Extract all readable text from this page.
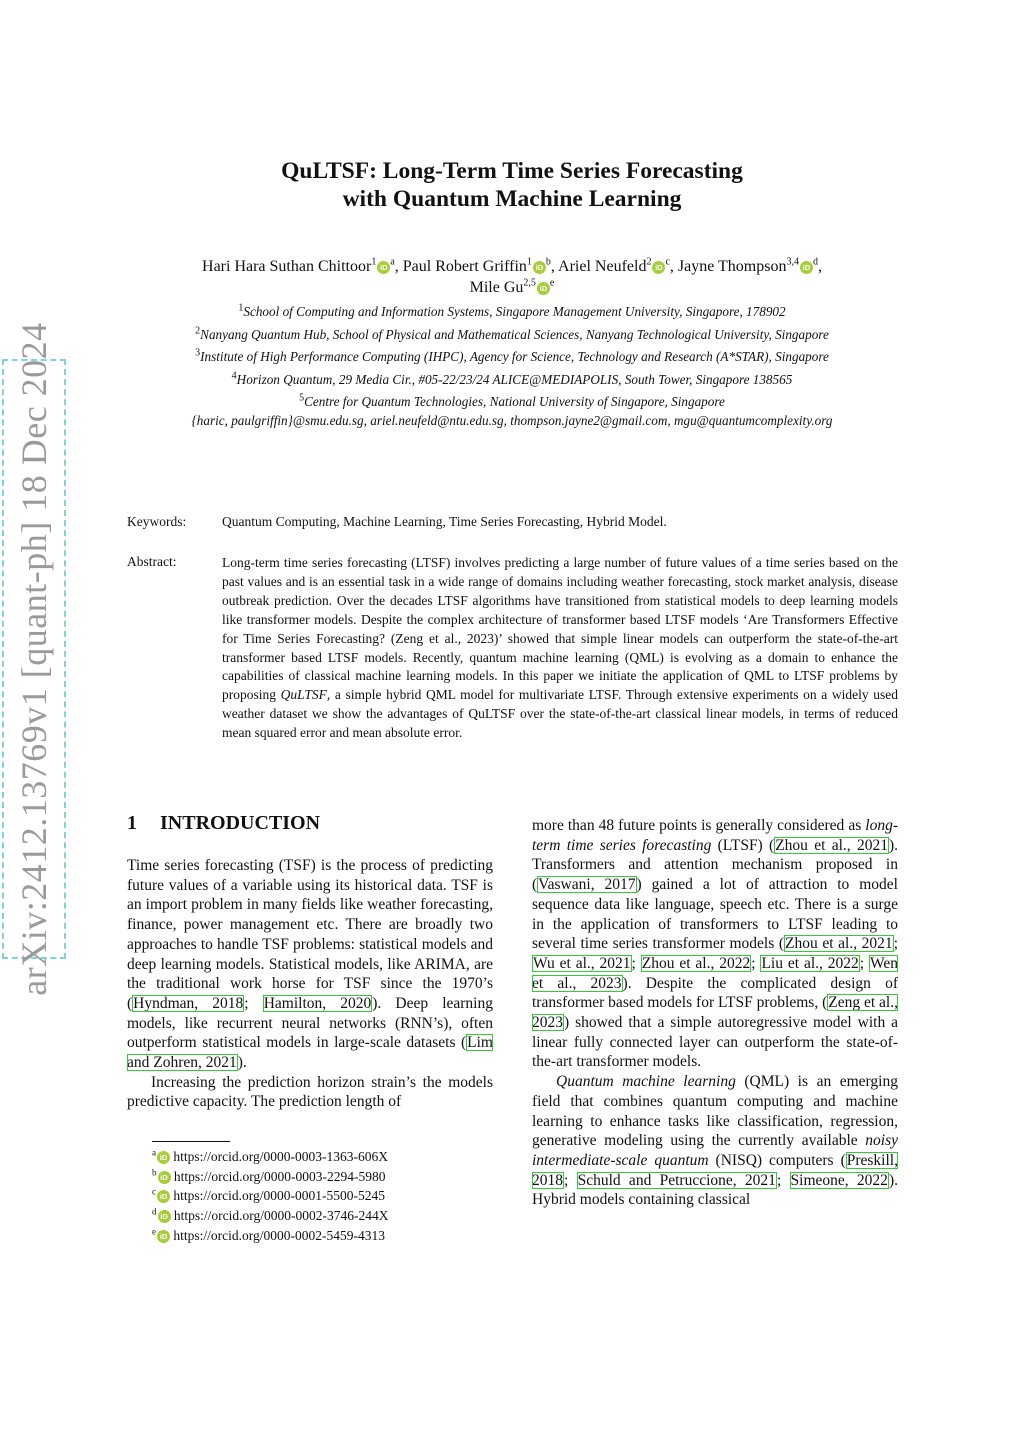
arXiv:2412.13769v1 [quant-ph] 18 Dec 2024
QuLTSF: Long-Term Time Series Forecasting
with Quantum Machine Learning
Hari Hara Suthan Chittoor$^1$ iD $^a$, Paul Robert Griffin$^1$ iD $^b$, Ariel Neufeld$^2$ iD $^c$, Jayne Thompson$^{3,4}$ iD $^d$,
Mile Gu$^{2,5}$ iD $^e$
$^1$School of Computing and Information Systems, Singapore Management University, Singapore, 178902
$^2$Nanyang Quantum Hub, School of Physical and Mathematical Sciences, Nanyang Technological University, Singapore
$^3$Institute of High Performance Computing (IHPC), Agency for Science, Technology and Research (A*STAR), Singapore
$^4$Horizon Quantum, 29 Media Cir., #05-22/23/24 ALICE@MEDIAPOLIS, South Tower, Singapore 138565
$^5$Centre for Quantum Technologies, National University of Singapore, Singapore
{haric, paulgriffin}@smu.edu.sg, ariel.neufeld@ntu.edu.sg, thompson.jayne2@gmail.com, mgu@quantumcomplexity.org
Keywords:	Quantum Computing, Machine Learning, Time Series Forecasting, Hybrid Model.
Abstract:	Long-term time series forecasting (LTSF) involves predicting a large number of future values of a time series based on the past values and is an essential task in a wide range of domains including weather forecasting, stock market analysis, disease outbreak prediction. Over the decades LTSF algorithms have transitioned from statistical models to deep learning models like transformer models. Despite the complex architecture of transformer based LTSF models ‘Are Transformers Effective for Time Series Forecasting? (Zeng et al., 2023)’ showed that simple linear models can outperform the state-of-the-art transformer based LTSF models. Recently, quantum machine learning (QML) is evolving as a domain to enhance the capabilities of classical machine learning models. In this paper we initiate the application of QML to LTSF problems by proposing QuLTSF, a simple hybrid QML model for multivariate LTSF. Through extensive experiments on a widely used weather dataset we show the advantages of QuLTSF over the state-of-the-art classical linear models, in terms of reduced mean squared error and mean absolute error.
1 INTRODUCTION
Time series forecasting (TSF) is the process of predicting future values of a variable using its historical data. TSF is an import problem in many fields like weather forecasting, finance, power management etc. There are broadly two approaches to handle TSF problems: statistical models and deep learning models. Statistical models, like ARIMA, are the traditional work horse for TSF since the 1970’s (Hyndman, 2018; Hamilton, 2020). Deep learning models, like recurrent neural networks (RNN’s), often outperform statistical models in large-scale datasets (Lim and Zohren, 2021).
Increasing the prediction horizon strain’s the models predictive capacity. The prediction length of
more than 48 future points is generally considered as long-term time series forecasting (LTSF) (Zhou et al., 2021). Transformers and attention mechanism proposed in (Vaswani, 2017) gained a lot of attraction to model sequence data like language, speech etc. There is a surge in the application of transformers to LTSF leading to several time series transformer models (Zhou et al., 2021; Wu et al., 2021; Zhou et al., 2022; Liu et al., 2022; Wen et al., 2023). Despite the complicated design of transformer based models for LTSF problems, (Zeng et al., 2023) showed that a simple autoregressive model with a linear fully connected layer can outperform the state-of-the-art transformer models.
Quantum machine learning (QML) is an emerging field that combines quantum computing and machine learning to enhance tasks like classification, regression, generative modeling using the currently available noisy intermediate-scale quantum (NISQ) computers (Preskill, 2018; Schuld and Petruccione, 2021; Simeone, 2022). Hybrid models containing classical
$^a$ iD https://orcid.org/0000-0003-1363-606X
$^b$ iD https://orcid.org/0000-0003-2294-5980
$^c$ iD https://orcid.org/0000-0001-5500-5245
$^d$ iD https://orcid.org/0000-0002-3746-244X
$^e$ iD https://orcid.org/0000-0002-5459-4313
